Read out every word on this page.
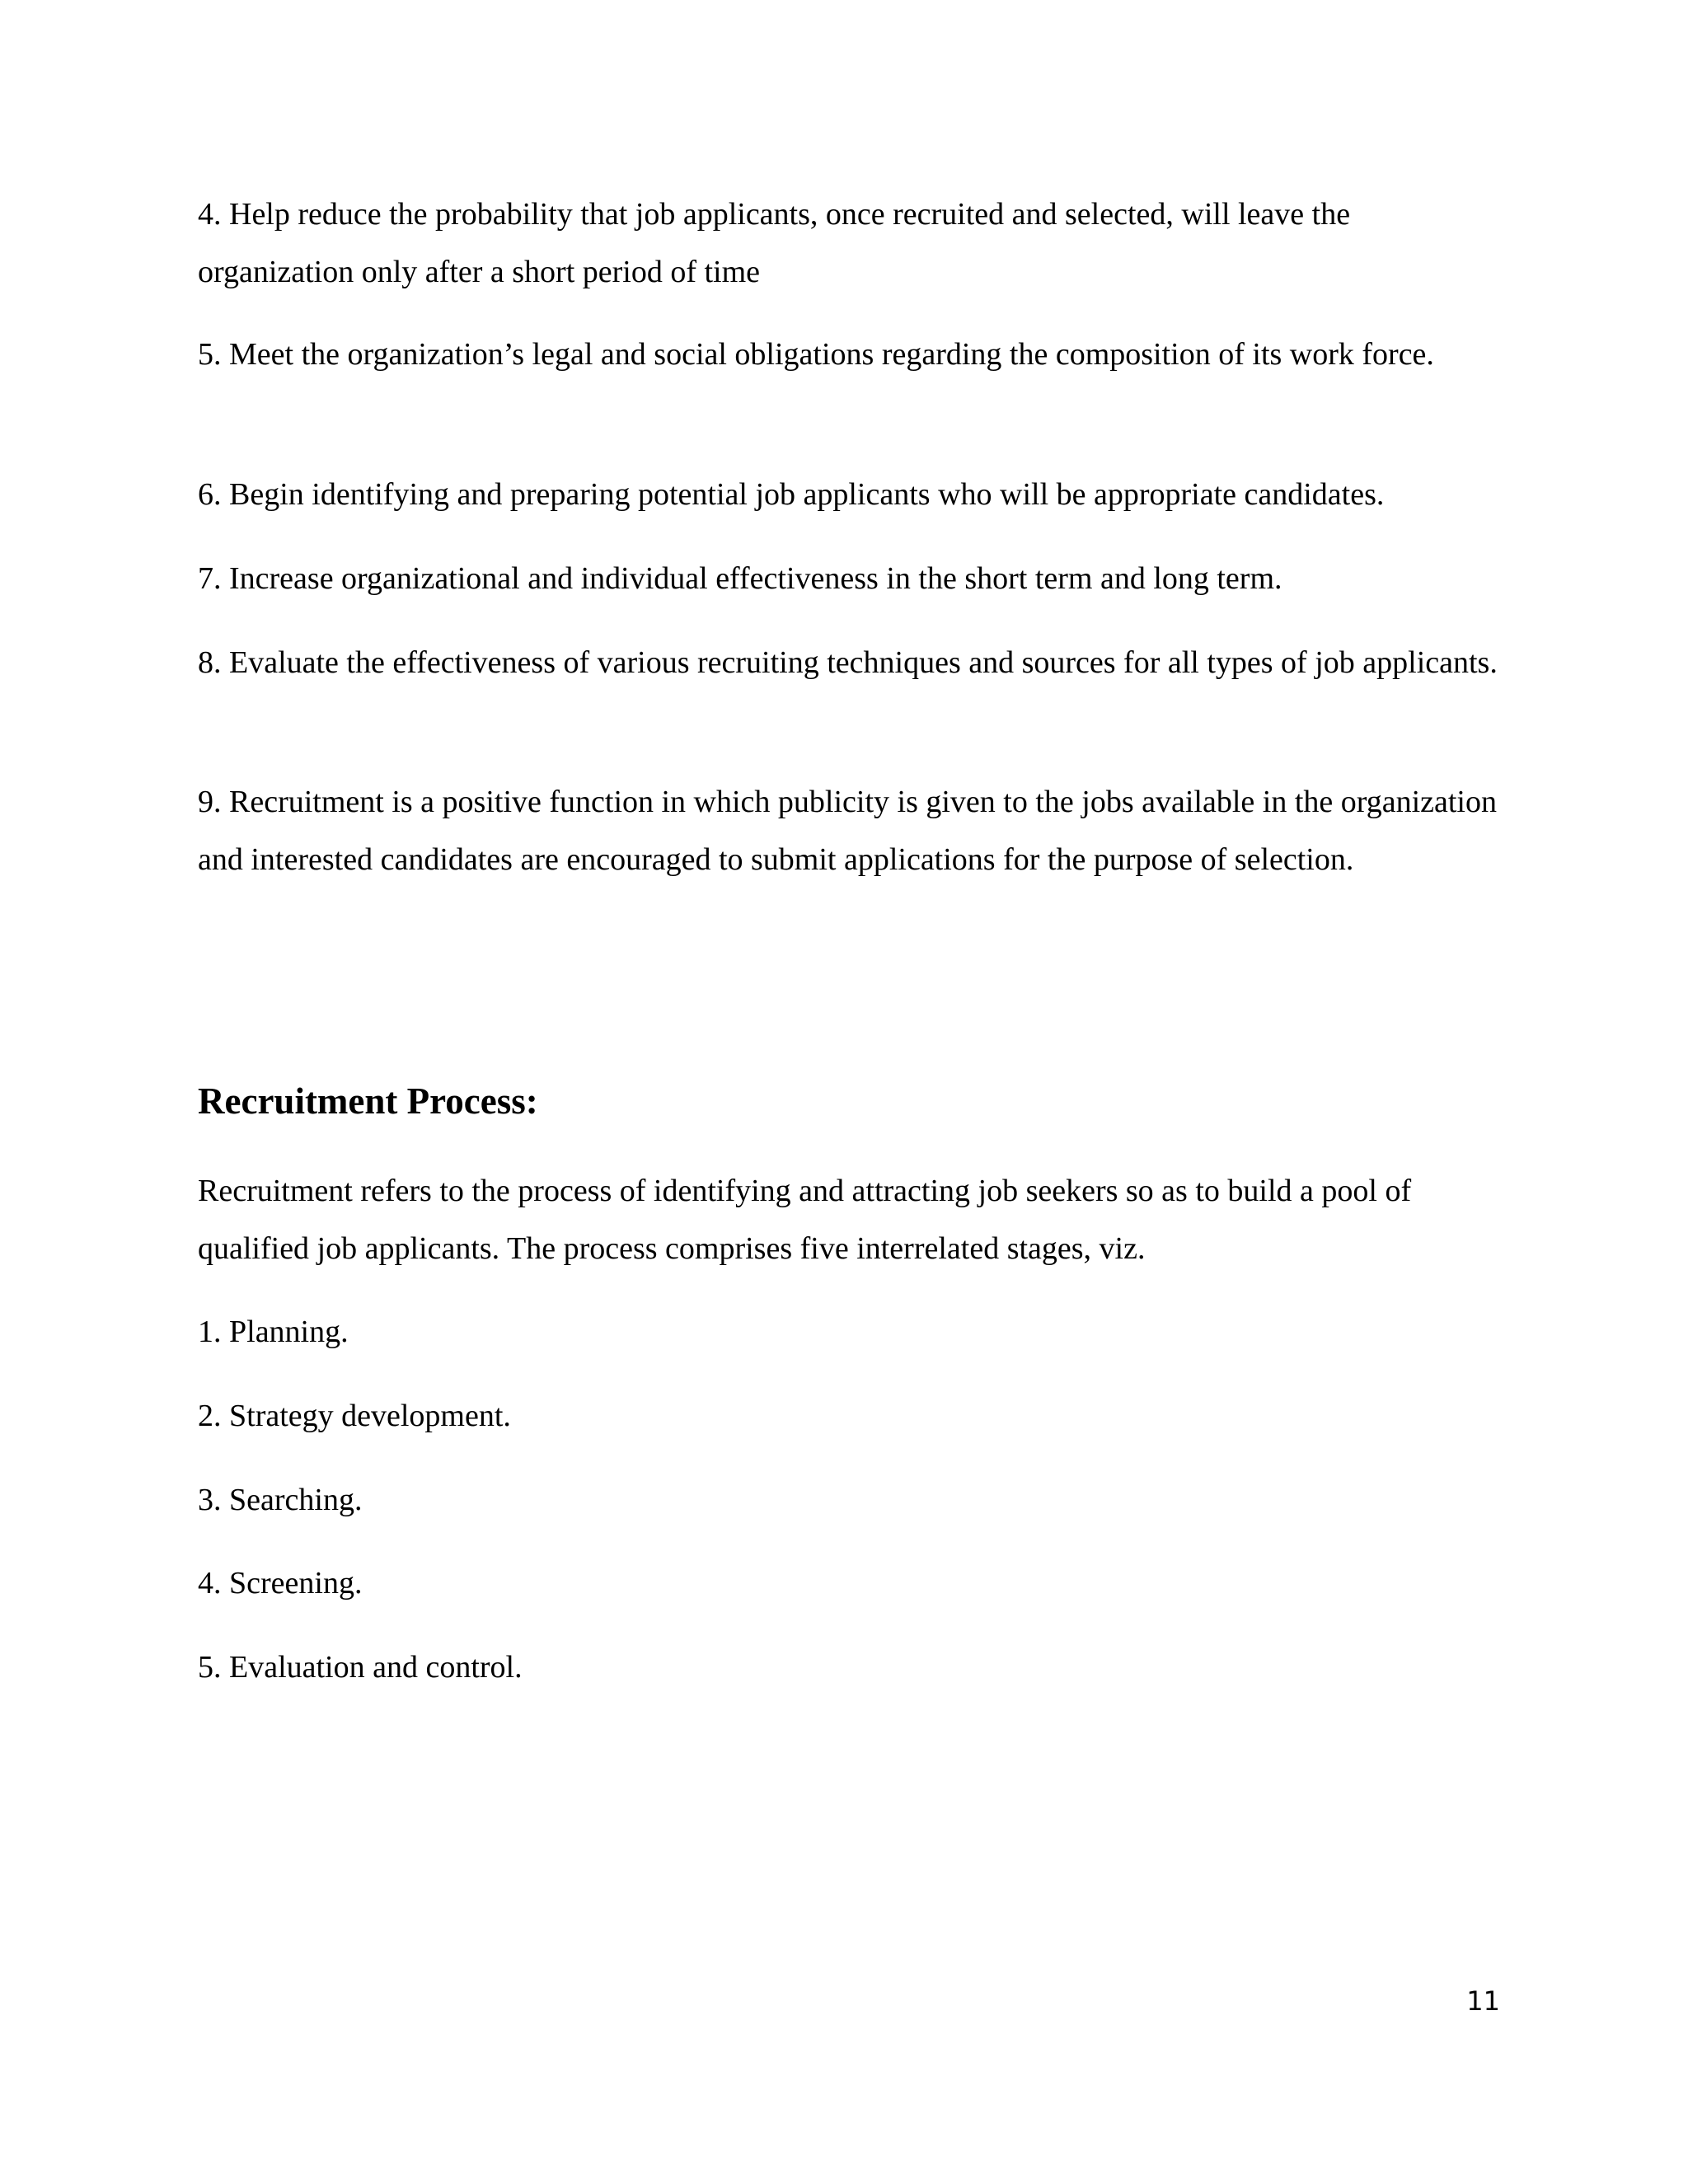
4. Help reduce the probability that job applicants, once recruited and selected, will leave the organization only after a short period of time

5. Meet the organization’s legal and social obligations regarding the composition of its work force.

6. Begin identifying and preparing potential job applicants who will be appropriate candidates.

7. Increase organizational and individual effectiveness in the short term and long term.

8. Evaluate the effectiveness of various recruiting techniques and sources for all types of job applicants.

9. Recruitment is a positive function in which publicity is given to the jobs available in the organization and interested candidates are encouraged to submit applications for the purpose of selection.

Recruitment Process:

Recruitment refers to the process of identifying and attracting job seekers so as to build a pool of qualified job applicants. The process comprises five interrelated stages, viz.

1. Planning.

2. Strategy development.

3. Searching.

4. Screening.

5. Evaluation and control.

11
